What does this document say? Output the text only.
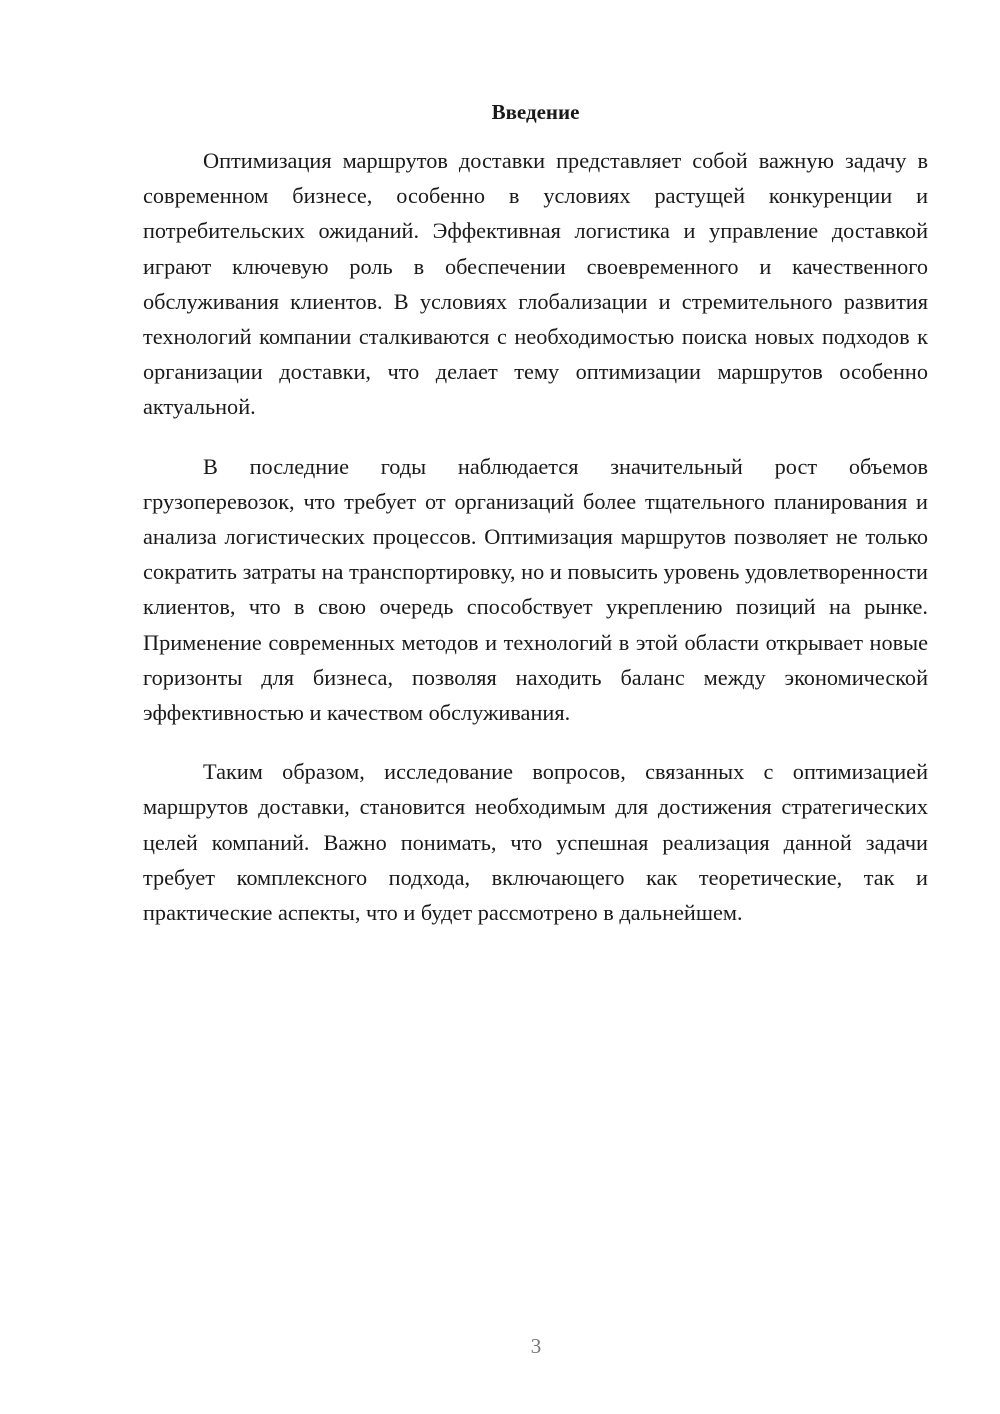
Введение

Оптимизация маршрутов доставки представляет собой важную задачу в современном бизнесе, особенно в условиях растущей конкуренции и потребительских ожиданий. Эффективная логистика и управление доставкой играют ключевую роль в обеспечении своевременного и качественного обслуживания клиентов. В условиях глобализации и стремительного развития технологий компании сталкиваются с необходимостью поиска новых подходов к организации доставки, что делает тему оптимизации маршрутов особенно актуальной.

В последние годы наблюдается значительный рост объемов грузоперевозок, что требует от организаций более тщательного планирования и анализа логистических процессов. Оптимизация маршрутов позволяет не только сократить затраты на транспортировку, но и повысить уровень удовлетворенности клиентов, что в свою очередь способствует укреплению позиций на рынке. Применение современных методов и технологий в этой области открывает новые горизонты для бизнеса, позволяя находить баланс между экономической эффективностью и качеством обслуживания.

Таким образом, исследование вопросов, связанных с оптимизацией маршрутов доставки, становится необходимым для достижения стратегических целей компаний. Важно понимать, что успешная реализация данной задачи требует комплексного подхода, включающего как теоретические, так и практические аспекты, что и будет рассмотрено в дальнейшем.

3
